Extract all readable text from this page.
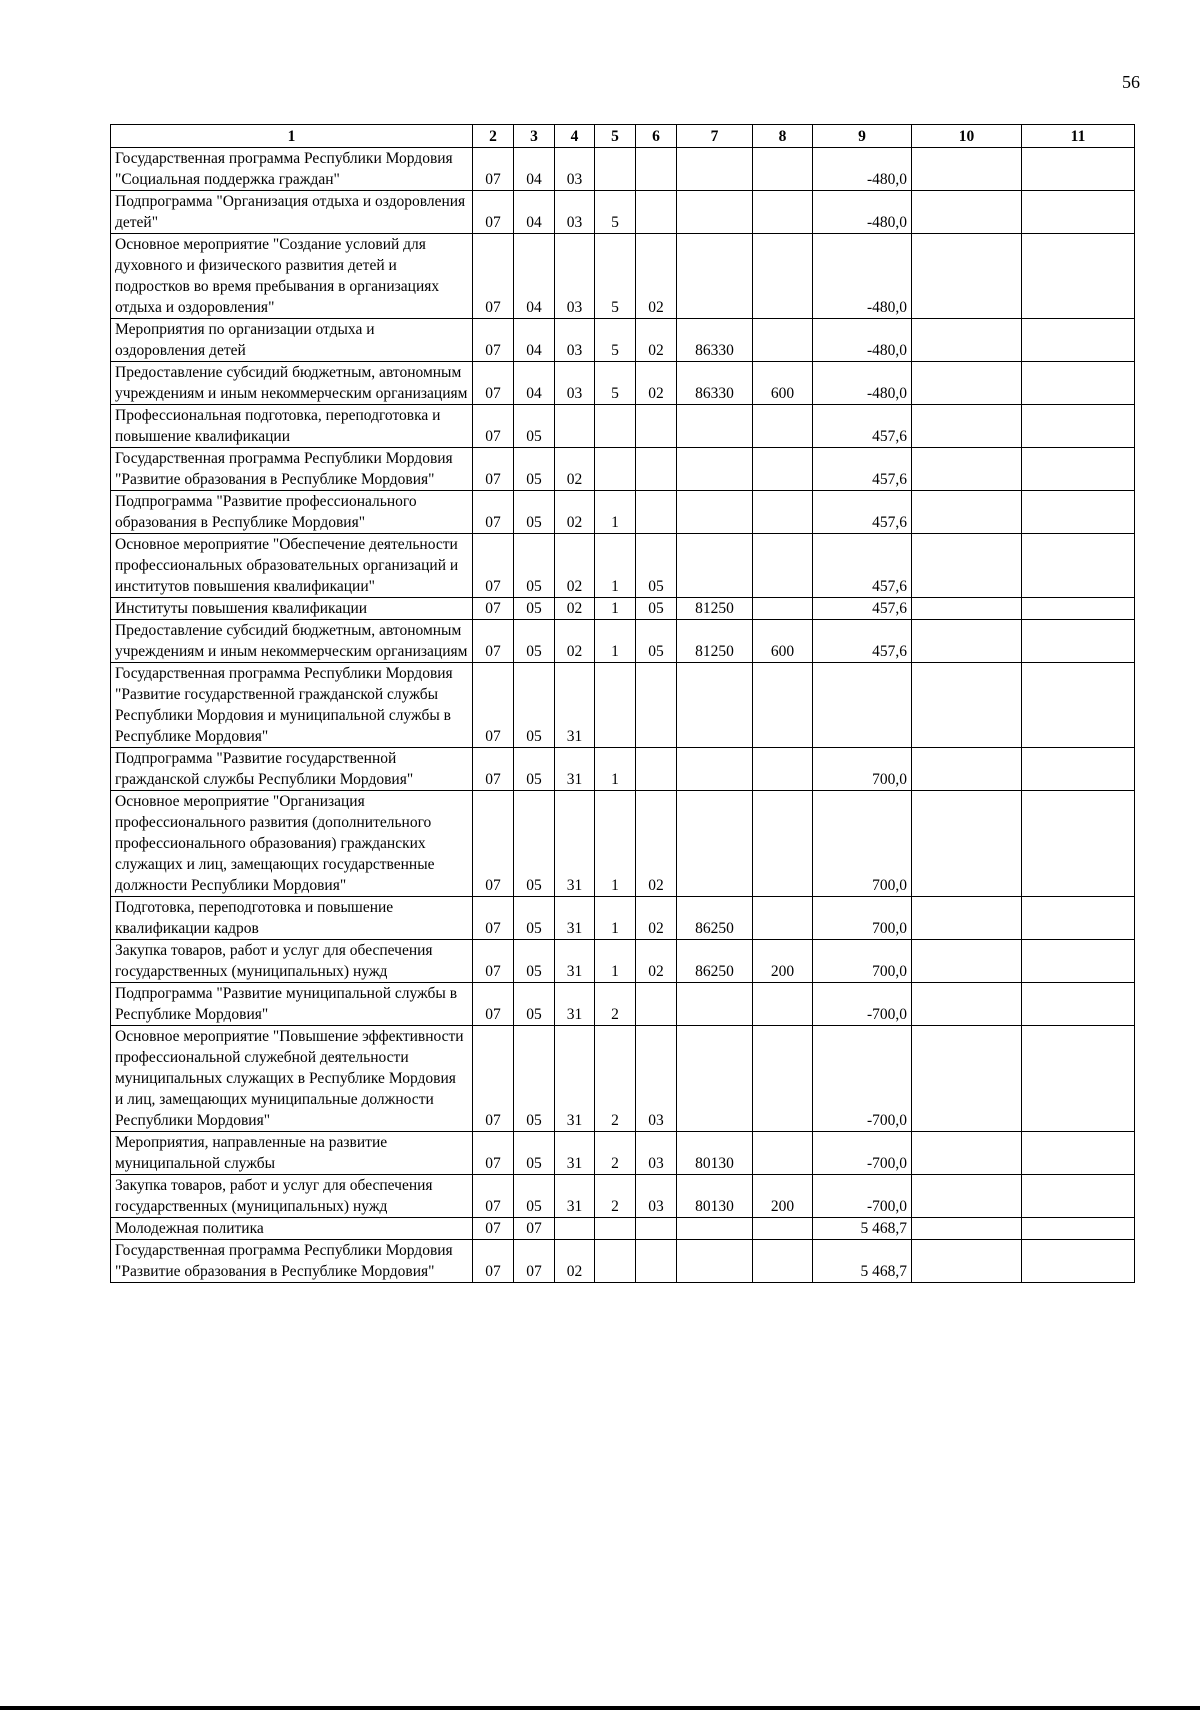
56
1	2	3	4	5	6	7	8	9	10	11
Государственная программа Республики Мордовия "Социальная поддержка граждан"	07	04	03					-480,0		
Подпрограмма "Организация отдыха и оздоровления детей"	07	04	03	5				-480,0		
Основное мероприятие "Создание условий для духовного и физического развития детей и подростков во время пребывания в организациях отдыха и оздоровления"	07	04	03	5	02			-480,0		
Мероприятия по организации отдыха и оздоровления детей	07	04	03	5	02	86330		-480,0		
Предоставление субсидий бюджетным, автономным учреждениям и иным некоммерческим организациям	07	04	03	5	02	86330	600	-480,0		
Профессиональная подготовка, переподготовка и повышение квалификации	07	05						457,6		
Государственная программа Республики Мордовия "Развитие образования в Республике Мордовия"	07	05	02					457,6		
Подпрограмма "Развитие профессионального образования в Республике Мордовия"	07	05	02	1				457,6		
Основное мероприятие "Обеспечение деятельности профессиональных образовательных организаций и институтов повышения квалификации"	07	05	02	1	05			457,6		
Институты повышения квалификации	07	05	02	1	05	81250		457,6		
Предоставление субсидий бюджетным, автономным учреждениям и иным некоммерческим организациям	07	05	02	1	05	81250	600	457,6		
Государственная программа Республики Мордовия "Развитие государственной гражданской службы Республики Мордовия и муниципальной службы в Республике Мордовия"	07	05	31							
Подпрограмма "Развитие государственной гражданской службы Республики Мордовия"	07	05	31	1				700,0		
Основное мероприятие "Организация профессионального развития (дополнительного профессионального образования) гражданских служащих и лиц, замещающих государственные должности Республики Мордовия"	07	05	31	1	02			700,0		
Подготовка, переподготовка и повышение квалификации кадров	07	05	31	1	02	86250		700,0		
Закупка товаров, работ и услуг для обеспечения государственных (муниципальных) нужд	07	05	31	1	02	86250	200	700,0		
Подпрограмма "Развитие муниципальной службы в Республике Мордовия"	07	05	31	2				-700,0		
Основное мероприятие "Повышение эффективности профессиональной служебной деятельности муниципальных служащих в Республике Мордовия и лиц, замещающих муниципальные должности Республики Мордовия"	07	05	31	2	03			-700,0		
Мероприятия, направленные на развитие муниципальной службы	07	05	31	2	03	80130		-700,0		
Закупка товаров, работ и услуг для обеспечения государственных (муниципальных) нужд	07	05	31	2	03	80130	200	-700,0		
Молодежная политика	07	07						5 468,7		
Государственная программа Республики Мордовия "Развитие образования в Республике Мордовия"	07	07	02					5 468,7		
